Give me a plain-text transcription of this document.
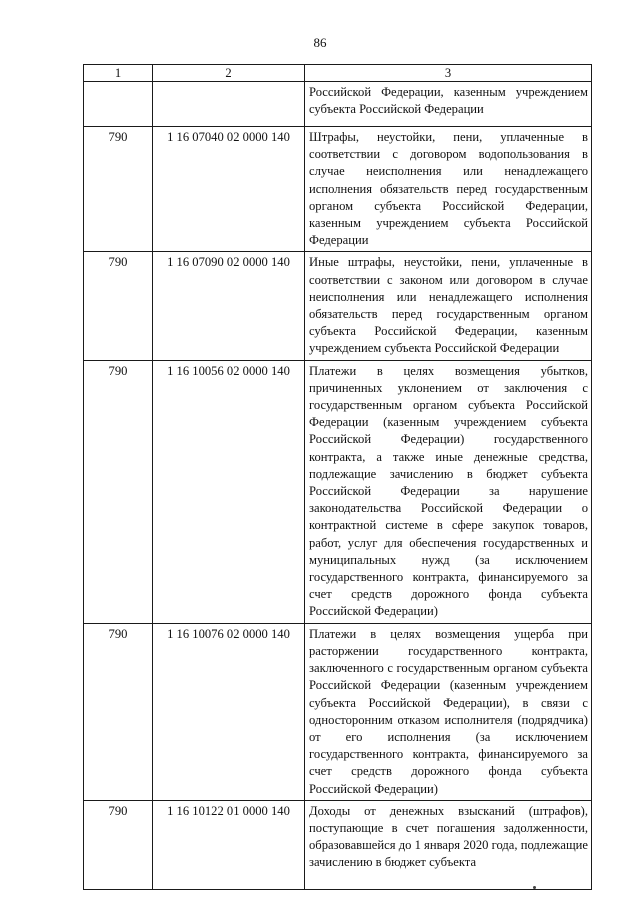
86
1	2	3
		Российской Федерации, казенным учреждением субъекта Российской Федерации
790	1 16 07040 02 0000 140	Штрафы, неустойки, пени, уплаченные в соответствии с договором водопользования в случае неисполнения или ненадлежащего исполнения обязательств перед государственным органом субъекта Российской Федерации, казенным учреждением субъекта Российской Федерации
790	1 16 07090 02 0000 140	Иные штрафы, неустойки, пени, уплаченные в соответствии с законом или договором в случае неисполнения или ненадлежащего исполнения обязательств перед государственным органом субъекта Российской Федерации, казенным учреждением субъекта Российской Федерации
790	1 16 10056 02 0000 140	Платежи в целях возмещения убытков, причиненных уклонением от заключения с государственным органом субъекта Российской Федерации (казенным учреждением субъекта Российской Федерации) государственного контракта, а также иные денежные средства, подлежащие зачислению в бюджет субъекта Российской Федерации за нарушение законодательства Российской Федерации о контрактной системе в сфере закупок товаров, работ, услуг для обеспечения государственных и муниципальных нужд (за исключением государственного контракта, финансируемого за счет средств дорожного фонда субъекта Российской Федерации)
790	1 16 10076 02 0000 140	Платежи в целях возмещения ущерба при расторжении государственного контракта, заключенного с государственным органом субъекта Российской Федерации (казенным учреждением субъекта Российской Федерации), в связи с односторонним отказом исполнителя (подрядчика) от его исполнения (за исключением государственного контракта, финансируемого за счет средств дорожного фонда субъекта Российской Федерации)
790	1 16 10122 01 0000 140	Доходы от денежных взысканий (штрафов), поступающие в счет погашения задолженности, образовавшейся до 1 января 2020 года, подлежащие зачислению в бюджет субъекта
